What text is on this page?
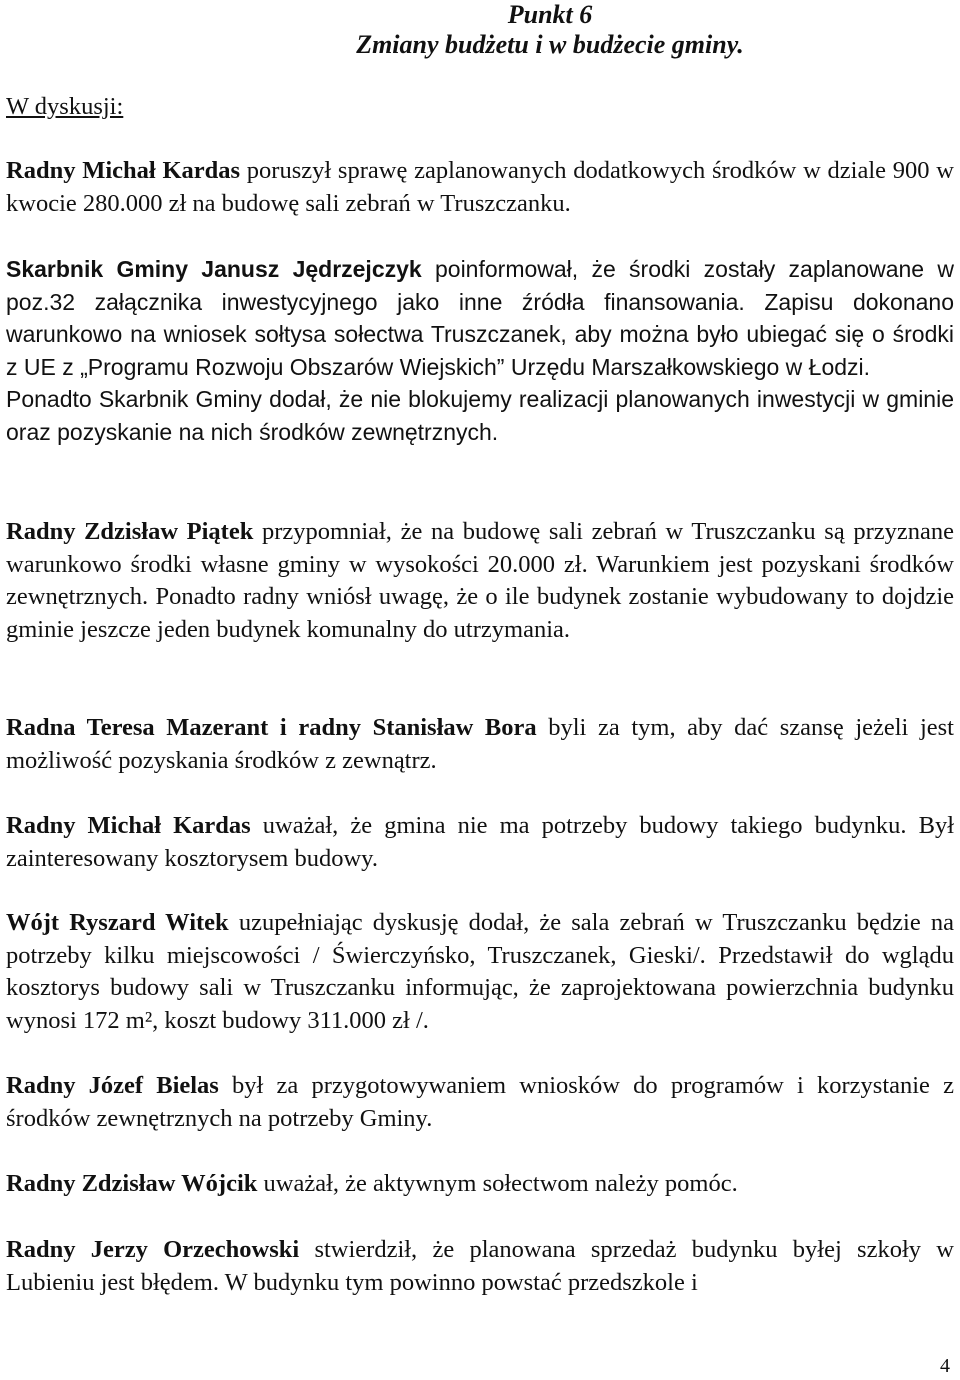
Punkt 6
Zmiany budżetu i w budżecie gminy.
W dyskusji:

Radny Michał Kardas poruszył sprawę zaplanowanych dodatkowych środków w dziale 900 w kwocie 280.000 zł na budowę sali zebrań w Truszczanku.

Skarbnik Gminy Janusz Jędrzejczyk poinformował, że środki zostały zaplanowane w poz.32 załącznika inwestycyjnego jako inne źródła finansowania. Zapisu dokonano warunkowo na wniosek sołtysa sołectwa Truszczanek, aby można było ubiegać się o środki z UE z „Programu Rozwoju Obszarów Wiejskich” Urzędu Marszałkowskiego w Łodzi.
Ponadto Skarbnik Gminy dodał, że nie blokujemy realizacji planowanych inwestycji w gminie oraz pozyskanie na nich środków zewnętrznych.

Radny Zdzisław Piątek przypomniał, że na budowę sali zebrań w Truszczanku są przyznane warunkowo środki własne gminy w wysokości 20.000 zł. Warunkiem jest pozyskani środków zewnętrznych. Ponadto radny wniósł uwagę, że o ile budynek zostanie wybudowany to dojdzie gminie jeszcze jeden budynek komunalny do utrzymania.

Radna Teresa Mazerant i radny Stanisław Bora byli za tym, aby dać szansę jeżeli jest możliwość pozyskania środków z zewnątrz.

Radny Michał Kardas uważał, że gmina nie ma potrzeby budowy takiego budynku. Był zainteresowany kosztorysem budowy.

Wójt Ryszard Witek uzupełniając dyskusję dodał, że sala zebrań w Truszczanku będzie na potrzeby kilku miejscowości / Świerczyńsko, Truszczanek, Gieski/. Przedstawił do wglądu kosztorys budowy sali w Truszczanku informując, że zaprojektowana powierzchnia budynku wynosi 172 m², koszt budowy 311.000 zł /.

Radny Józef Bielas był za przygotowywaniem wniosków do programów i korzystanie z środków zewnętrznych na potrzeby Gminy.

Radny Zdzisław Wójcik uważał, że aktywnym sołectwom należy pomóc.

Radny Jerzy Orzechowski stwierdził, że planowana sprzedaż budynku byłej szkoły w Lubieniu jest błędem. W budynku tym powinno powstać przedszkole i

4
